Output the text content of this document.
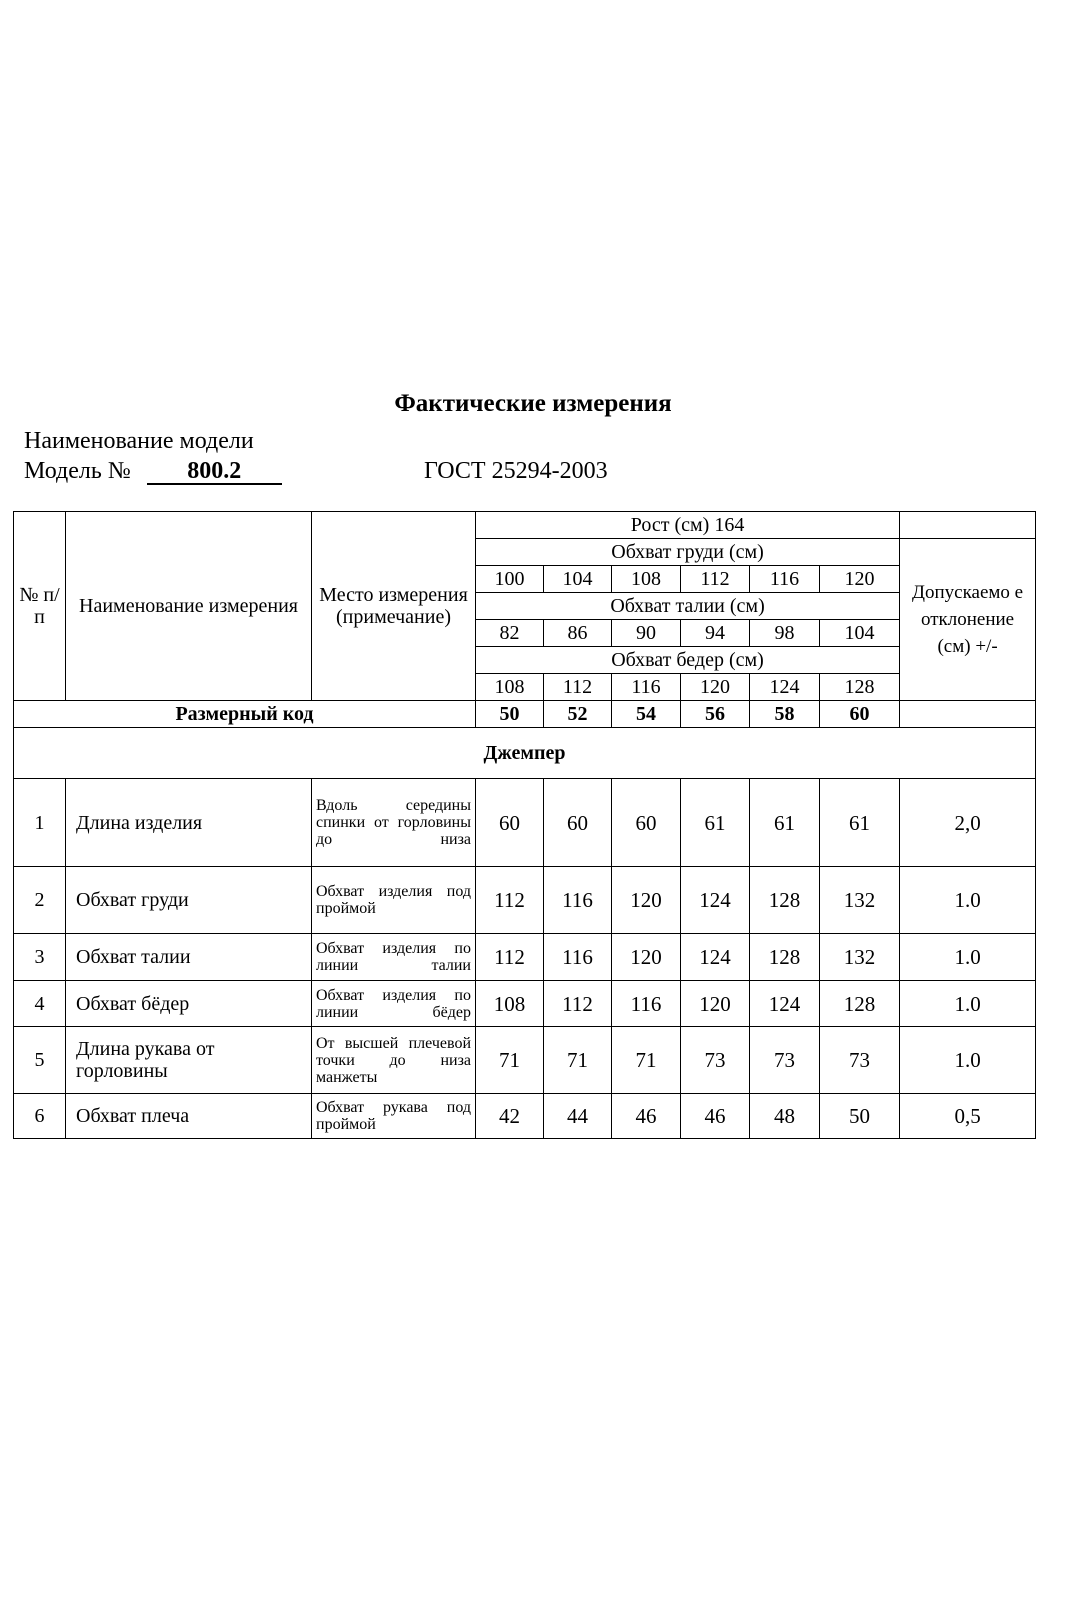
Фактические измерения
Наименование модели
Модель № 800.2	ГОСТ 25294-2003
№ п/ п	Наименование измерения	Место измерения (примечание)	Рост (см) 164						
			Обхват груди (см)						Допускаемо е отклонение (см) +/-
			100	104	108	112	116	120	
			Обхват талии (см)						
			82	86	90	94	98	104	
			Обхват бедер (см)						
			108	112	116	120	124	128	
Размерный код			50	52	54	56	58	60	
Джемпер									
1	Длина изделия	Вдоль середины спинки от горловины до низа	60	60	60	61	61	61	2,0
2	Обхват груди	Обхват изделия под проймой	112	116	120	124	128	132	1.0
3	Обхват талии	Обхват изделия по линии талии	112	116	120	124	128	132	1.0
4	Обхват бёдер	Обхват изделия по линии бёдер	108	112	116	120	124	128	1.0
5	Длина рукава от горловины	От высшей плечевой точки до низа манжеты	71	71	71	73	73	73	1.0
6	Обхват плеча	Обхват рукава под проймой	42	44	46	46	48	50	0,5
